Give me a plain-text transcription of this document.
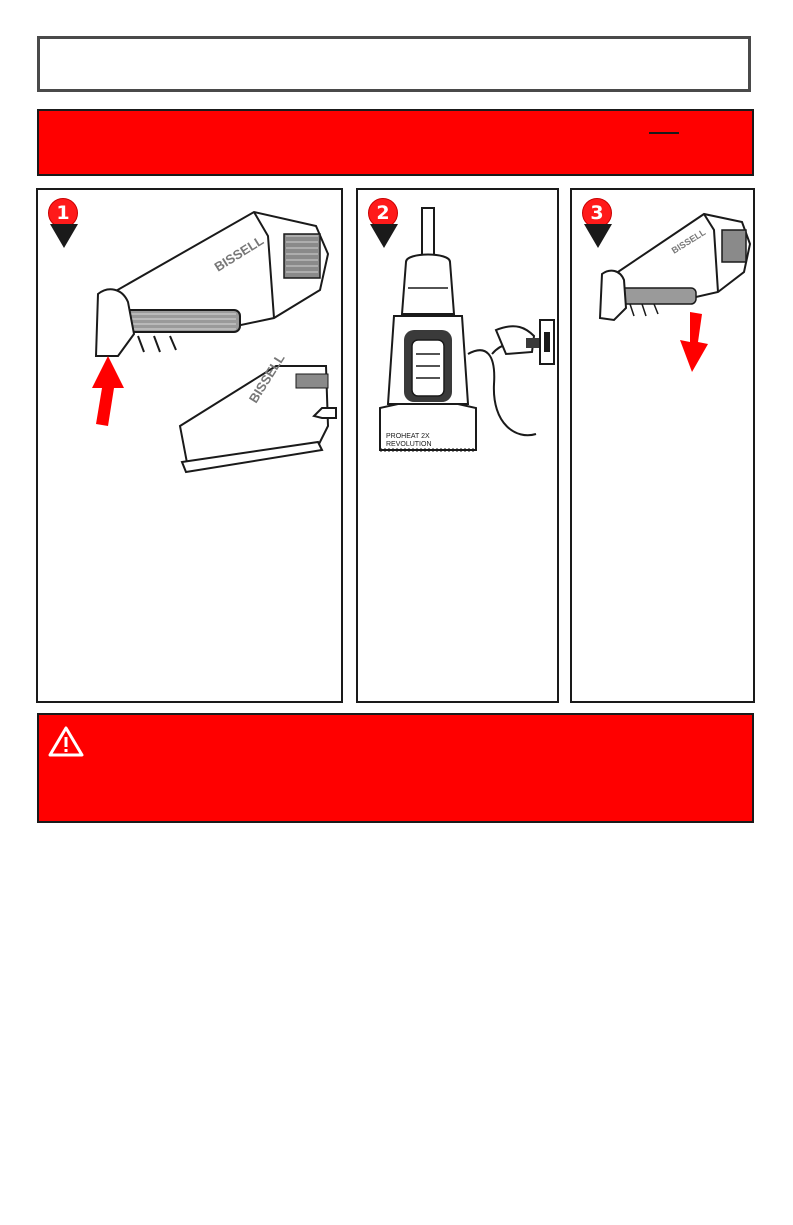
1
BISSELL
BISSELL
2
PROHEAT 2X
REVOLUTION
3
BISSELL
